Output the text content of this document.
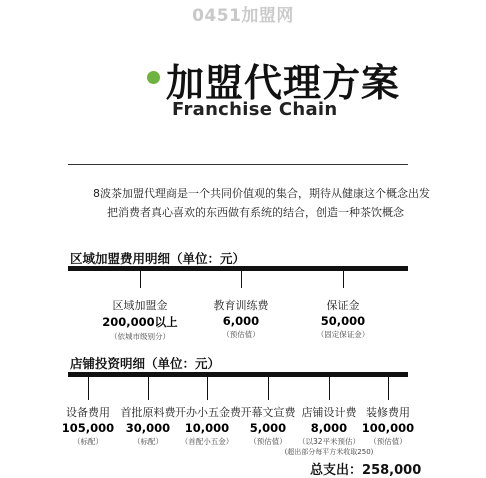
0451加盟网
加盟代理方案
Franchise Chain
8波茶加盟代理商是一个共同价值观的集合，期待从健康这个概念出发
把消费者真心喜欢的东西做有系统的结合，创造一种茶饮概念
区域加盟费用明细（单位：元）
区域加盟金
200,000以上
（依城市级别分）
教育训练费
6,000
（预估值）
保证金
50,000
（固定保证金）
店铺投资明细（单位：元）
设备费用
105,000
（标配）
首批原料费
30,000
（标配）
开办小五金费
10,000
（首配小五金）
开幕文宣费
5,000
（预估值）
店铺设计费
8,000
（以32平米预估）
(超出部分每平方米收取250)
装修费用
100,000
（预估值）
总支出：258,000
